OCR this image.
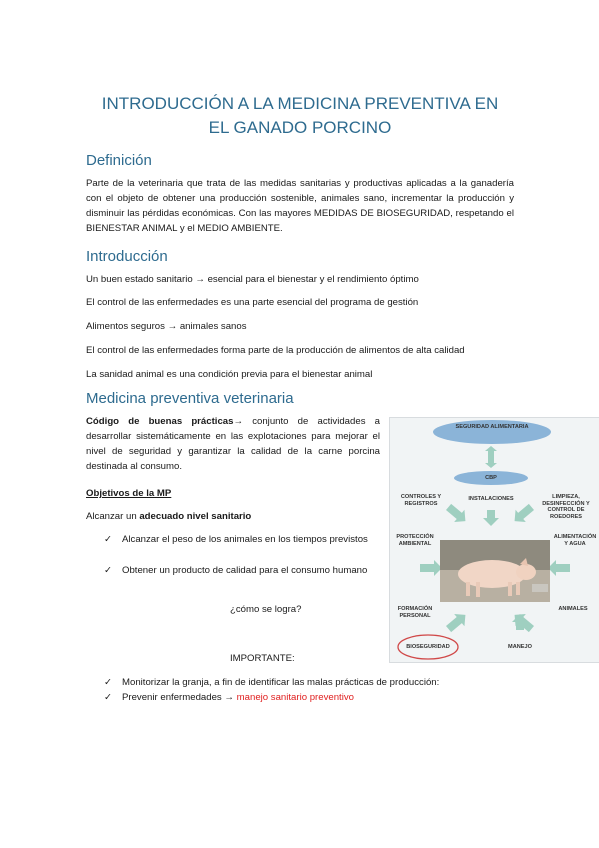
INTRODUCCIÓN A LA MEDICINA PREVENTIVA EN
EL GANADO PORCINO
Definición
Parte de la veterinaria que trata de las medidas sanitarias y productivas aplicadas a la ganadería con el objeto de obtener una producción sostenible, animales sano, incrementar la producción y disminuir las pérdidas económicas. Con las mayores MEDIDAS DE BIOSEGURIDAD, respetando el BIENESTAR ANIMAL y el MEDIO AMBIENTE.
Introducción
Un buen estado sanitario → esencial para el bienestar y el rendimiento óptimo
El control de las enfermedades es una parte esencial del programa de gestión
Alimentos seguros → animales sanos
El control de las enfermedades forma parte de la producción de alimentos de alta calidad
La sanidad animal es una condición previa para el bienestar animal
Medicina preventiva veterinaria
Código de buenas prácticas→ conjunto de actividades a desarrollar sistemáticamente en las explotaciones para mejorar el nivel de seguridad y garantizar la calidad de la carne porcina destinada al consumo.
Objetivos de la MP
Alcanzar un adecuado nivel sanitario
✓ Alcanzar el peso de los animales en los tiempos previstos
✓ Obtener un producto de calidad para el consumo humano
¿cómo se logra?
IMPORTANTE:
✓ Monitorizar la granja, a fin de identificar las malas prácticas de producción:
✓ Prevenir enfermedades → manejo sanitario preventivo
SEGURIDAD ALIMENTARIA
CBP
CONTROLES Y REGISTROS
INSTALACIONES	LIMPIEZA, DESINFECCIÓN Y CONTROL DE ROEDORES
PROTECCIÓN AMBIENTAL
ALIMENTACIÓN Y AGUA
FORMACIÓN PERSONAL
ANIMALES
BIOSEGURIDAD	MANEJO
